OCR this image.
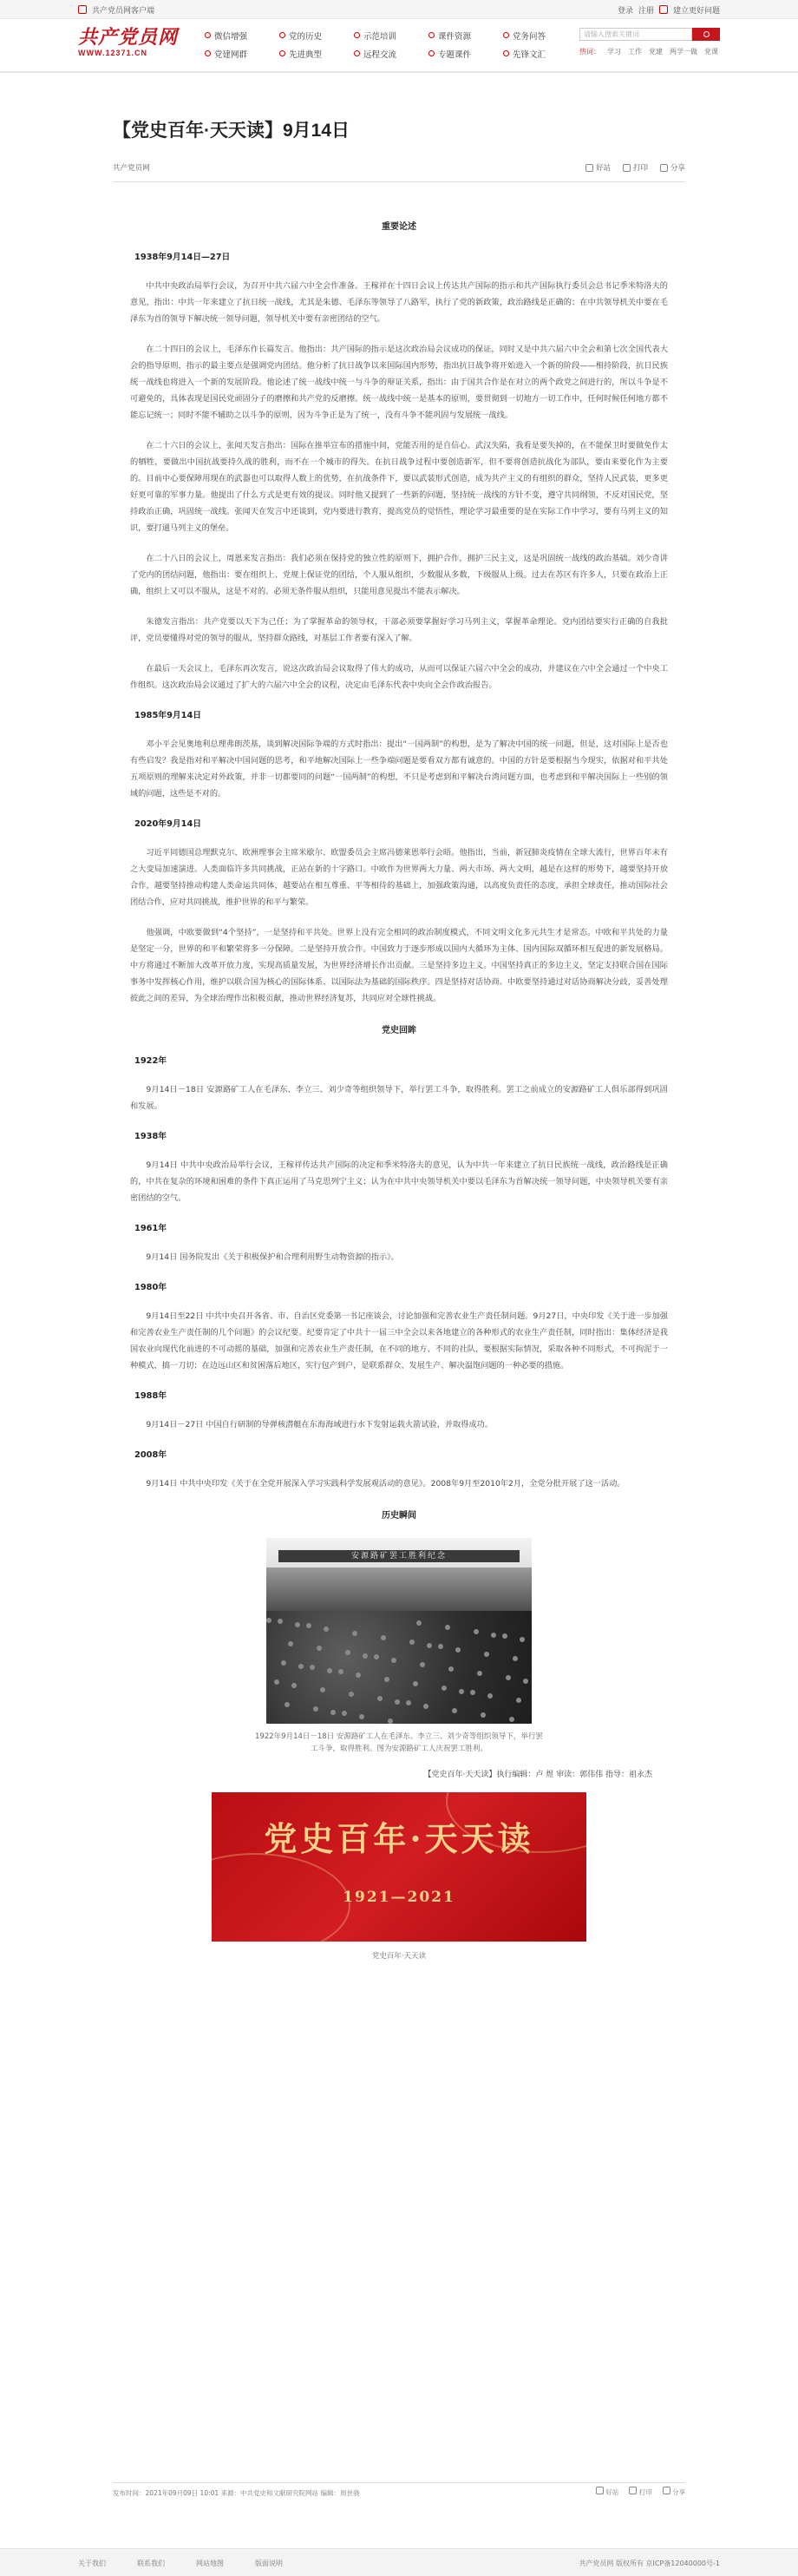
共产党员网客户端	登录 注册 建立更好问题
共产党员网
WWW.12371.CN
微信增强	党的历史	示范培训	课件资源	党务问答
党建网群	先进典型	远程交流	专题课件	先锋文汇
请输入搜索关键词
热词： 学习 工作 党建 两学一做 党课
【党史百年·天天读】9月14日
共产党员网	好站	打印	分享
重要论述
1938年9月14日—27日

中共中央政治局举行会议，为召开中共六届六中全会作准备。王稼祥在十四日会议上传达共产国际的指示和共产国际执行委员会总书记季米特洛夫的意见，指出：中共一年来建立了抗日统一战线，尤其是朱德、毛泽东等领导了八路军，执行了党的新政策，政治路线是正确的；在中共领导机关中要在毛泽东为首的领导下解决统一领导问题，领导机关中要有亲密团结的空气。

在二十四日的会议上，毛泽东作长篇发言。他指出：共产国际的指示是这次政治局会议成功的保证，同时又是中共六届六中全会和第七次全国代表大会的指导原则，指示的最主要点是强调党内团结。他分析了抗日战争以来国际国内形势，指出抗日战争将开始进入一个新的阶段——相持阶段，抗日民族统一战线也将进入一个新的发展阶段。他论述了统一战线中统一与斗争的辩证关系，指出：由于国共合作是在对立的两个政党之间进行的，所以斗争是不可避免的，具体表现是国民党顽固分子的磨擦和共产党的反磨擦。统一战线中统一是基本的原则，要贯彻到一切地方一切工作中，任何时候任何地方都不能忘记统一；同时不能不辅助之以斗争的原则，因为斗争正是为了统一，没有斗争不能巩固与发展统一战线。

在二十六日的会议上，张闻天发言指出：国际在推举宣布的措施中间，党能否用的是自信心。武汉失陷，我看是要失掉的，在不能保卫时要做免作太的牺牲，要做出中国抗战要持久战的胜利，而不在一个城市的得失。在抗日战争过程中要创造新军，但不要将创造抗战化为部队，要由来要化作为主要的。目前中心要保障用现在的武器也可以取得人数上的优势，在抗战条件下，要以武装形式创造，成为共产主义的有组织的群众，坚持人民武装，更多更好更可靠的军事力量。他提出了什么方式是更有效的提议。同时他又提到了一些新的问题，坚持统一战线的方针不变，遵守共同纲领，不反对国民党，坚持政治正确，巩固统一战线。张闻天在发言中还谈到，党内要进行教育，提高党员的觉悟性，理论学习最重要的是在实际工作中学习，要有马列主义的知识，要打通马列主义的堡垒。

在二十八日的会议上，周恩来发言指出：我们必须在保持党的独立性的原则下，拥护合作，拥护三民主义，这是巩固统一战线的政治基础。刘少奇讲了党内的团结问题，他指出：要在组织上、党规上保证党的团结，个人服从组织，少数服从多数，下级服从上级。过去在苏区有许多人，只要在政治上正确，组织上又可以不服从，这是不对的。必须无条件服从组织，只能用意见提出不能表示解决。

朱德发言指出：共产党要以天下为己任；为了掌握革命的领导权，干部必须要掌握好学习马列主义，掌握革命理论。党内团结要实行正确的自我批评，党员要懂得对党的领导的服从，坚持群众路线，对基层工作者要有深入了解。

在最后一天会议上，毛泽东再次发言，说这次政治局会议取得了伟大的成功，从而可以保证六届六中全会的成功，并建议在六中全会通过一个中央工作组织。这次政治局会议通过了扩大的六届六中全会的议程，决定由毛泽东代表中央向全会作政治报告。

1985年9月14日

邓小平会见奥地利总理弗朗茨基，谈到解决国际争端的方式时指出：提出“一国两制”的构想，是为了解决中国的统一问题，但是，这对国际上是否也有些启发？我是指对和平解决中国问题的思考，和平地解决国际上一些争端问题是要看双方都有诚意的。中国的方针是要根据当今现实，依据对和平共处五项原则的理解来决定对外政策，并非一切都要同的问题“一国两制”的构想，不只是考虑到和平解决台湾问题方面，也考虑到和平解决国际上一些别的领域的问题，这些是不对的。

2020年9月14日

习近平同德国总理默克尔、欧洲理事会主席米歇尔、欧盟委员会主席冯德莱恩举行会晤。他指出，当前，新冠肺炎疫情在全球大流行，世界百年未有之大变局加速演进。人类面临许多共同挑战，正站在新的十字路口。中欧作为世界两大力量、两大市场、两大文明，越是在这样的形势下，越要坚持开放合作，越要坚持推动构建人类命运共同体，越要站在相互尊重、平等相待的基础上，加强政策沟通，以高度负责任的态度，承担全球责任，推动国际社会团结合作，应对共同挑战，维护世界的和平与繁荣。

他强调，中欧要做到“4个坚持”，一是坚持和平共处。世界上没有完全相同的政治制度模式，不同文明文化多元共生才是常态。中欧和平共处的力量是坚定一分，世界的和平和繁荣将多一分保障。二是坚持开放合作。中国致力于逐步形成以国内大循环为主体、国内国际双循环相互促进的新发展格局。中方将通过不断加大改革开放力度，实现高质量发展，为世界经济增长作出贡献。三是坚持多边主义。中国坚持真正的多边主义，坚定支持联合国在国际事务中发挥核心作用，维护以联合国为核心的国际体系、以国际法为基础的国际秩序。四是坚持对话协商。中欧要坚持通过对话协商解决分歧，妥善处理彼此之间的差异，为全球治理作出积极贡献，推动世界经济复苏，共同应对全球性挑战。

党史回眸
1922年

9月14日－18日 安源路矿工人在毛泽东、李立三、刘少奇等组织领导下，举行罢工斗争，取得胜利。罢工之前成立的安源路矿工人俱乐部得到巩固和发展。

1938年

9月14日 中共中央政治局举行会议，王稼祥传达共产国际的决定和季米特洛夫的意见，认为中共一年来建立了抗日民族统一战线，政治路线是正确的，中共在复杂的环境和困难的条件下真正运用了马克思列宁主义；认为在中共中央领导机关中要以毛泽东为首解决统一领导问题，中央领导机关要有亲密团结的空气。

1961年

9月14日 国务院发出《关于积极保护和合理利用野生动物资源的指示》。

1980年

9月14日至22日 中共中央召开各省、市、自治区党委第一书记座谈会，讨论加强和完善农业生产责任制问题。9月27日，中央印发《关于进一步加强和完善农业生产责任制的几个问题》的会议纪要。纪要肯定了中共十一届三中全会以来各地建立的各种形式的农业生产责任制，同时指出：集体经济是我国农业向现代化前进的不可动摇的基础，加强和完善农业生产责任制，在不同的地方、不同的社队，要根据实际情况，采取各种不同形式，不可拘泥于一种模式，搞一刀切；在边远山区和贫困落后地区，实行包产到户，是联系群众、发展生产、解决温饱问题的一种必要的措施。

1988年

9月14日－27日 中国自行研制的导弹核潜艇在东海海域进行水下发射运载火箭试验，并取得成功。

2008年

9月14日 中共中央印发《关于在全党开展深入学习实践科学发展观活动的意见》。2008年9月至2010年2月，全党分批开展了这一活动。

历史瞬间
安源路矿罢工胜利纪念
1922年9月14日－18日 安源路矿工人在毛泽东、李立三、刘少奇等组织领导下，举行罢工斗争，取得胜利。图为安源路矿工人庆祝罢工胜利。
【党史百年·天天读】执行编辑：卢 煜 审读：郭伟伟 指导：祖永杰
党史百年·天天读
1921—2021
党史百年·天天读
发布时间：2021年09月09日 10:01 来源：中共党史和文献研究院网站 编辑：周世骁	好站	打印	分享
关于我们	联系我们	网站地图	版面说明	共产党员网 版权所有 京ICP备12040000号-1
